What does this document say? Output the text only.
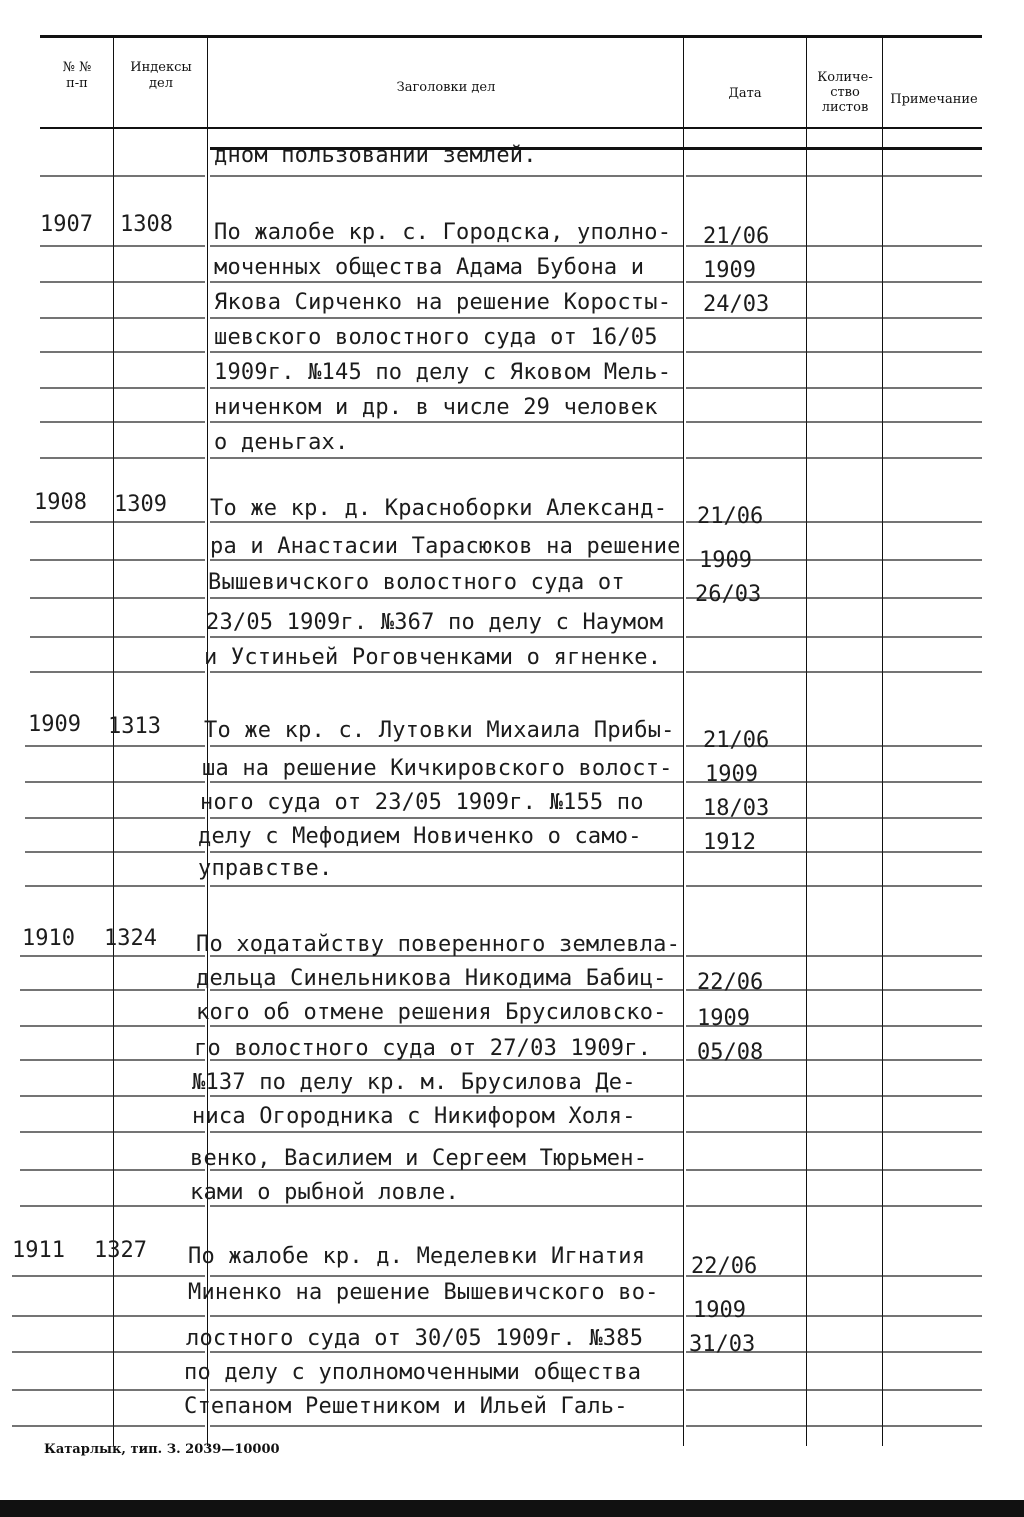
№ №
п-п
Индексы
дел	Заголовки дел	Дата
Количе-
ство
листов
Примечание
дном пользовании землей.
1907 1308 По жалобе кр. с. Городска, уполно-
моченных общества Адама Бубона и
Якова Сирченко на решение Коросты-
шевского волостного суда от 16/05
1909г. №145 по делу с Яковом Мель-
ниченком и др. в числе 29 человек
о деньгах.
21/06
1909
24/03
1908 1309 То же кр. д. Красноборки Александ-
ра и Анастасии Тарасюков на решение
Вышевичского волостного суда от
23/05 1909г. №367 по делу с Наумом
и Устиньей Роговченками о ягненке.
21/06
1909
26/03
1909 1313 То же кр. с. Лутовки Михаила Прибы-
ша на решение Кичкировского волост-
ного суда от 23/05 1909г. №155 по
делу с Мефодием Новиченко о само-
управстве.
21/06
1909
18/03
1912
1910 1324 По ходатайству поверенного землевла-
дельца Синельникова Никодима Бабиц-
кого об отмене решения Брусиловско-
го волостного суда от 27/03 1909г.
№137 по делу кр. м. Брусилова Де-
ниса Огородника с Никифором Холя-
венко, Василием и Сергеем Тюрьмен-
ками о рыбной ловле.
22/06
1909
05/08
1911 1327 По жалобе кр. д. Меделевки Игнатия
Миненко на решение Вышевичского во-
лостного суда от 30/05 1909г. №385
по делу с уполномоченными общества
Степаном Решетником и Ильей Галь-
22/06
1909
31/03
Катарлык, тип. З. 2039—10000
